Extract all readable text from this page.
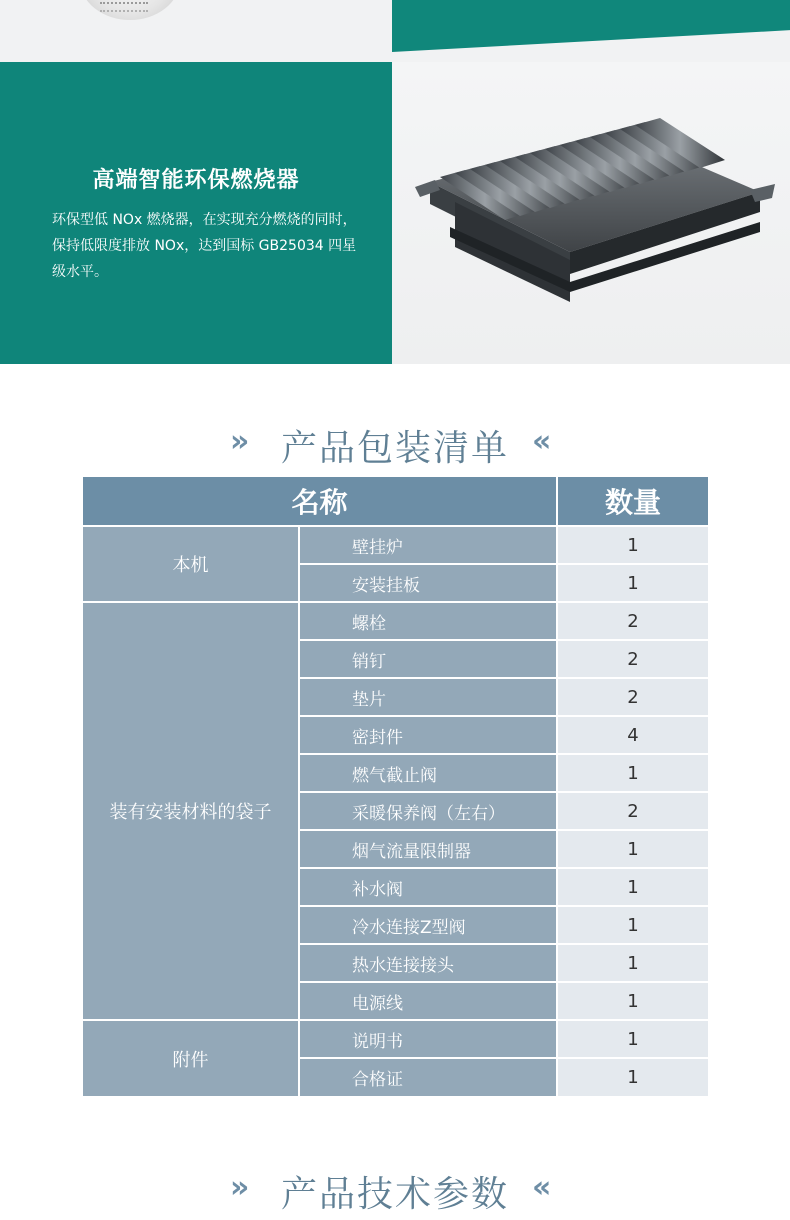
高端智能环保燃烧器
环保型低 NOx 燃烧器，在实现充分燃烧的同时，
保持低限度排放 NOx，达到国标 GB25034 四星
级水平。
» 产品包装清单 «
名称	数量
本机
壁挂炉	1
安装挂板	1
装有安装材料的袋子
螺栓	2
销钉	2
垫片	2
密封件	4
燃气截止阀	1
采暖保养阀（左右）	2
烟气流量限制器	1
补水阀	1
冷水连接Z型阀	1
热水连接接头	1
电源线	1
附件
说明书	1
合格证	1
» 产品技术参数 «
